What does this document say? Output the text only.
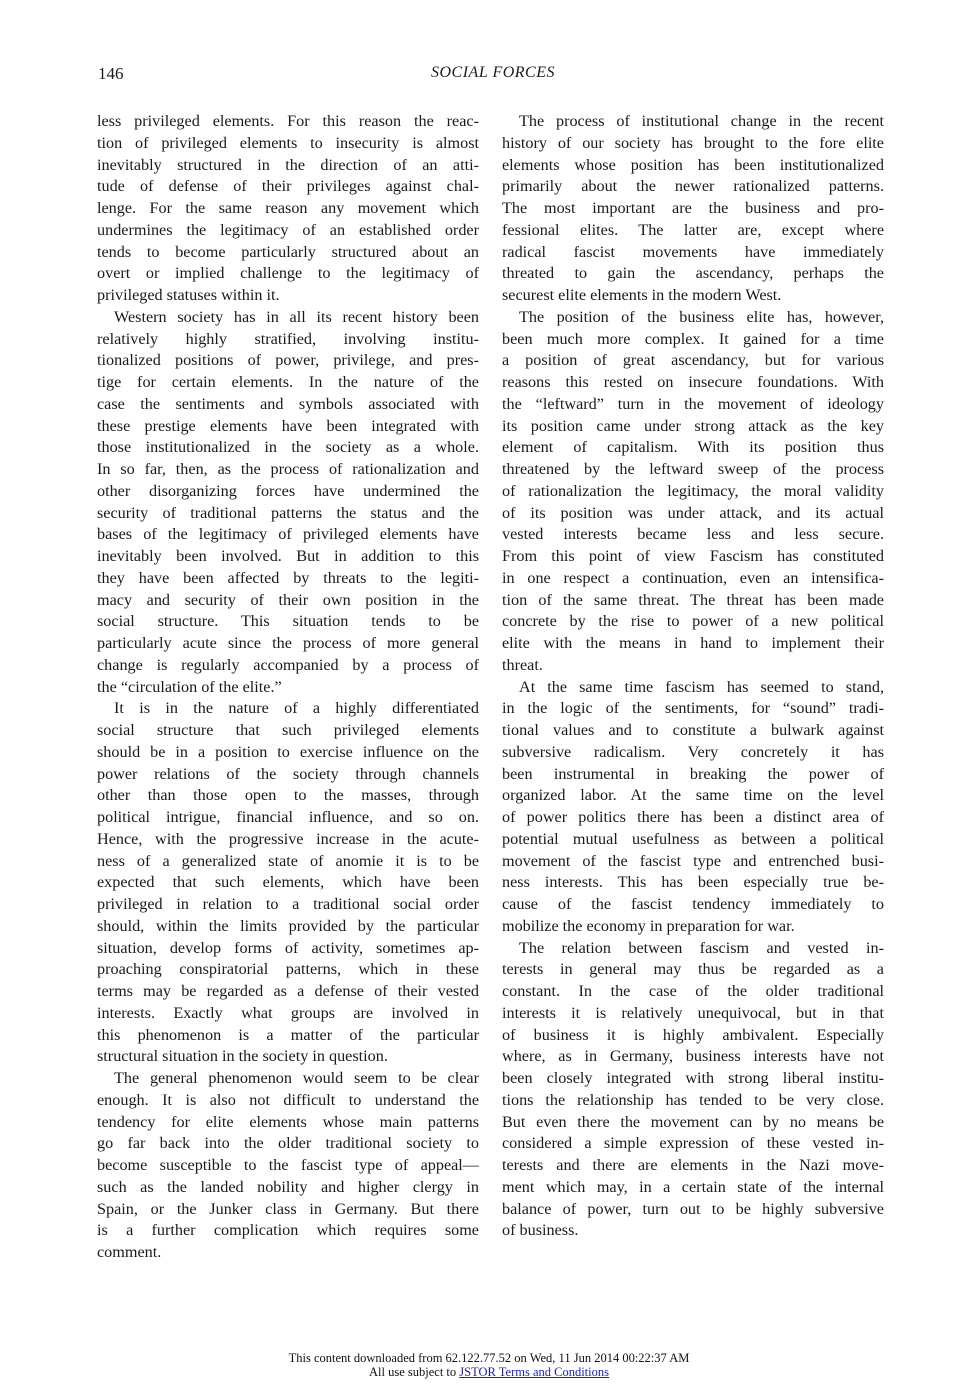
146	SOCIAL FORCES
less privileged elements. For this reason the reac-
tion of privileged elements to insecurity is almost
inevitably structured in the direction of an atti-
tude of defense of their privileges against chal-
lenge. For the same reason any movement which
undermines the legitimacy of an established order
tends to become particularly structured about an
overt or implied challenge to the legitimacy of
privileged statuses within it.
Western society has in all its recent history been
relatively highly stratified, involving institu-
tionalized positions of power, privilege, and pres-
tige for certain elements. In the nature of the
case the sentiments and symbols associated with
these prestige elements have been integrated with
those institutionalized in the society as a whole.
In so far, then, as the process of rationalization and
other disorganizing forces have undermined the
security of traditional patterns the status and the
bases of the legitimacy of privileged elements have
inevitably been involved. But in addition to this
they have been affected by threats to the legiti-
macy and security of their own position in the
social structure. This situation tends to be
particularly acute since the process of more general
change is regularly accompanied by a process of
the “circulation of the elite.”
It is in the nature of a highly differentiated
social structure that such privileged elements
should be in a position to exercise influence on the
power relations of the society through channels
other than those open to the masses, through
political intrigue, financial influence, and so on.
Hence, with the progressive increase in the acute-
ness of a generalized state of anomie it is to be
expected that such elements, which have been
privileged in relation to a traditional social order
should, within the limits provided by the particular
situation, develop forms of activity, sometimes ap-
proaching conspiratorial patterns, which in these
terms may be regarded as a defense of their vested
interests. Exactly what groups are involved in
this phenomenon is a matter of the particular
structural situation in the society in question.
The general phenomenon would seem to be clear
enough. It is also not difficult to understand the
tendency for elite elements whose main patterns
go far back into the older traditional society to
become susceptible to the fascist type of appeal—
such as the landed nobility and higher clergy in
Spain, or the Junker class in Germany. But there
is a further complication which requires some
comment.
The process of institutional change in the recent
history of our society has brought to the fore elite
elements whose position has been institutionalized
primarily about the newer rationalized patterns.
The most important are the business and pro-
fessional elites. The latter are, except where
radical fascist movements have immediately
threated to gain the ascendancy, perhaps the
securest elite elements in the modern West.
The position of the business elite has, however,
been much more complex. It gained for a time
a position of great ascendancy, but for various
reasons this rested on insecure foundations. With
the “leftward” turn in the movement of ideology
its position came under strong attack as the key
element of capitalism. With its position thus
threatened by the leftward sweep of the process
of rationalization the legitimacy, the moral validity
of its position was under attack, and its actual
vested interests became less and less secure.
From this point of view Fascism has constituted
in one respect a continuation, even an intensifica-
tion of the same threat. The threat has been made
concrete by the rise to power of a new political
elite with the means in hand to implement their
threat.
At the same time fascism has seemed to stand,
in the logic of the sentiments, for “sound” tradi-
tional values and to constitute a bulwark against
subversive radicalism. Very concretely it has
been instrumental in breaking the power of
organized labor. At the same time on the level
of power politics there has been a distinct area of
potential mutual usefulness as between a political
movement of the fascist type and entrenched busi-
ness interests. This has been especially true be-
cause of the fascist tendency immediately to
mobilize the economy in preparation for war.
The relation between fascism and vested in-
terests in general may thus be regarded as a
constant. In the case of the older traditional
interests it is relatively unequivocal, but in that
of business it is highly ambivalent. Especially
where, as in Germany, business interests have not
been closely integrated with strong liberal institu-
tions the relationship has tended to be very close.
But even there the movement can by no means be
considered a simple expression of these vested in-
terests and there are elements in the Nazi move-
ment which may, in a certain state of the internal
balance of power, turn out to be highly subversive
of business.
This content downloaded from 62.122.77.52 on Wed, 11 Jun 2014 00:22:37 AM
All use subject to JSTOR Terms and Conditions
